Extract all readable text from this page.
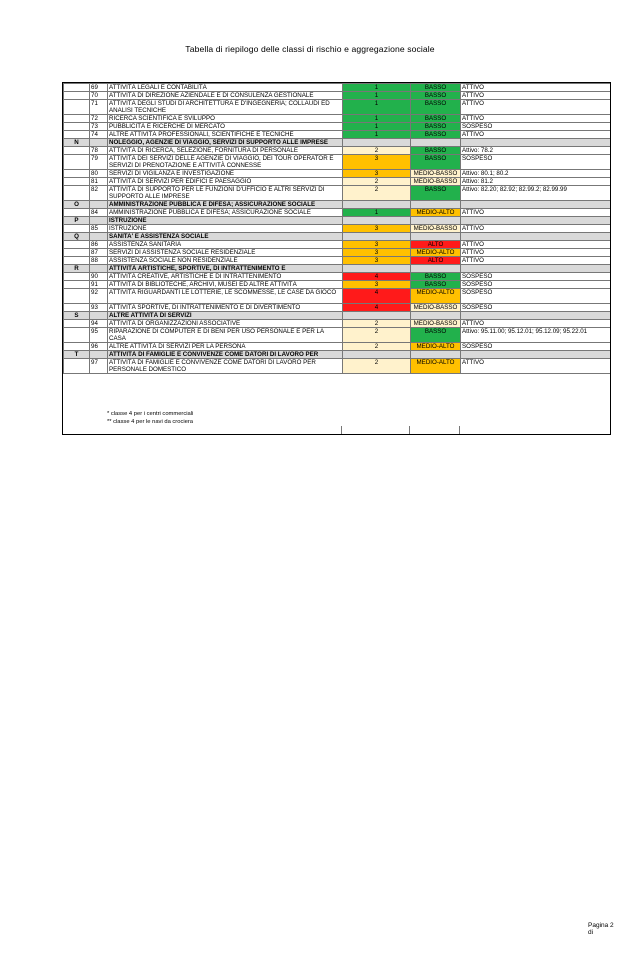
Tabella di riepilogo delle classi di rischio e aggregazione sociale
	69	ATTIVITÀ LEGALI E CONTABILITÀ	1	BASSO	ATTIVO
	70	ATTIVITÀ DI DIREZIONE AZIENDALE E DI CONSULENZA GESTIONALE	1	BASSO	ATTIVO
	71	ATTIVITÀ DEGLI STUDI DI ARCHITETTURA E D'INGEGNERIA; COLLAUDI ED ANALISI TECNICHE	1	BASSO	ATTIVO
	72	RICERCA SCIENTIFICA E SVILUPPO	1	BASSO	ATTIVO
	73	PUBBLICITÀ E RICERCHE DI MERCATO	1	BASSO	SOSPESO
	74	ALTRE ATTIVITÀ PROFESSIONALI, SCIENTIFICHE E TECNICHE	1	BASSO	ATTIVO
N		NOLEGGIO, AGENZIE DI VIAGGIO, SERVIZI DI SUPPORTO ALLE IMPRESE			
	78	ATTIVITÀ DI RICERCA, SELEZIONE, FORNITURA DI PERSONALE	2	BASSO	Attivo: 78.2
	79	ATTIVITÀ DEI SERVIZI DELLE AGENZIE DI VIAGGIO, DEI TOUR OPERATOR E SERVIZI DI PRENOTAZIONE E ATTIVITÀ CONNESSE	3	BASSO	SOSPESO
	80	SERVIZI DI VIGILANZA E INVESTIGAZIONE	3	MEDIO-BASSO	Attivo: 80.1; 80.2
	81	ATTIVITÀ DI SERVIZI PER EDIFICI E PAESAGGIO	2	MEDIO-BASSO	Attivo: 81.2
	82	ATTIVITÀ DI SUPPORTO PER LE FUNZIONI D'UFFICIO E ALTRI SERVIZI DI SUPPORTO ALLE IMPRESE	2	BASSO	Attivo: 82.20; 82.92; 82.99.2; 82.99.99
O		AMMINISTRAZIONE PUBBLICA E DIFESA; ASSICURAZIONE SOCIALE			
	84	AMMINISTRAZIONE PUBBLICA E DIFESA; ASSICURAZIONE SOCIALE	1	MEDIO-ALTO	ATTIVO
P		ISTRUZIONE			
	85	ISTRUZIONE	3	MEDIO-BASSO	ATTIVO
Q		SANITA' E ASSISTENZA SOCIALE			
	86	ASSISTENZA SANITARIA	3	ALTO	ATTIVO
	87	SERVIZI DI ASSISTENZA SOCIALE RESIDENZIALE	3	MEDIO-ALTO	ATTIVO
	88	ASSISTENZA SOCIALE NON RESIDENZIALE	3	ALTO	ATTIVO
R		ATTIVITÀ ARTISTICHE, SPORTIVE, DI INTRATTENIMENTO E			
	90	ATTIVITÀ CREATIVE, ARTISTICHE E DI INTRATTENIMENTO	4	BASSO	SOSPESO
	91	ATTIVITÀ DI BIBLIOTECHE, ARCHIVI, MUSEI ED ALTRE ATTIVITÀ	3	BASSO	SOSPESO
	92	ATTIVITÀ RIGUARDANTI LE LOTTERIE, LE SCOMMESSE, LE CASE DA GIOCO	4	MEDIO-ALTO	SOSPESO
	93	ATTIVITÀ SPORTIVE, DI INTRATTENIMENTO E DI DIVERTIMENTO	4	MEDIO-BASSO	SOSPESO
S		ALTRE ATTIVITÀ DI SERVIZI			
	94	ATTIVITÀ DI ORGANIZZAZIONI ASSOCIATIVE	2	MEDIO-BASSO	ATTIVO
	95	RIPARAZIONE DI COMPUTER E DI BENI PER USO PERSONALE E PER LA CASA	2	BASSO	Attivo: 95.11.00; 95.12.01; 95.12.09; 95.22.01
	96	ALTRE ATTIVITÀ DI SERVIZI PER LA PERSONA	2	MEDIO-ALTO	SOSPESO
T		ATTIVITÀ DI FAMIGLIE E CONVIVENZE COME DATORI DI LAVORO PER			
	97	ATTIVITÀ DI FAMIGLIE E CONVIVENZE COME DATORI DI LAVORO PER PERSONALE DOMESTICO	2	MEDIO-ALTO	ATTIVO
* classe 4 per i centri commerciali
** classe 4 per le navi da crociera
Pagina 2 di
